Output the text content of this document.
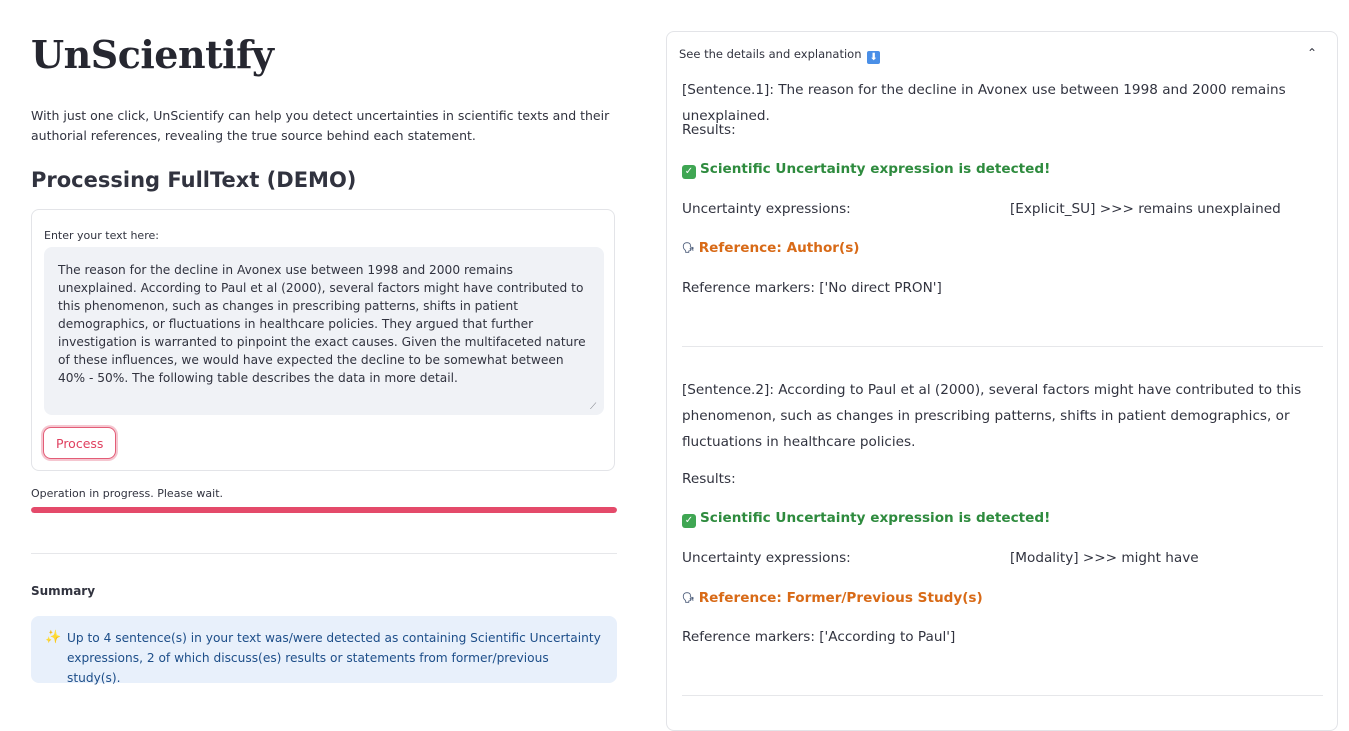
UnScientify

With just one click, UnScientify can help you detect uncertainties in scientific texts and their authorial references, revealing the true source behind each statement.

Processing FullText (DEMO)
Enter your text here:
The reason for the decline in Avonex use between 1998 and 2000 remains unexplained. According to Paul et al (2000), several factors might have contributed to this phenomenon, such as changes in prescribing patterns, shifts in patient demographics, or fluctuations in healthcare policies. They argued that further investigation is warranted to pinpoint the exact causes. Given the multifaceted nature of these influences, we would have expected the decline to be somewhat between 40% - 50%. The following table describes the data in more detail.
⟋
Process
Operation in progress. Please wait.
Summary
✨ Up to 4 sentence(s) in your text was/were detected as containing Scientific Uncertainty expressions, 2 of which discuss(es) results or statements from former/previous study(s).
See the details and explanation ⬇	⌃

[Sentence.1]: The reason for the decline in Avonex use between 1998 and 2000 remains unexplained.

Results:

✓ Scientific Uncertainty expression is detected!

Uncertainty expressions:	[Explicit_SU] >>> remains unexplained

🗣 Reference: Author(s)

Reference markers: ['No direct PRON']

[Sentence.2]: According to Paul et al (2000), several factors might have contributed to this phenomenon, such as changes in prescribing patterns, shifts in patient demographics, or fluctuations in healthcare policies.

Results:

✓ Scientific Uncertainty expression is detected!

Uncertainty expressions:	[Modality] >>> might have

🗣 Reference: Former/Previous Study(s)

Reference markers: ['According to Paul']
